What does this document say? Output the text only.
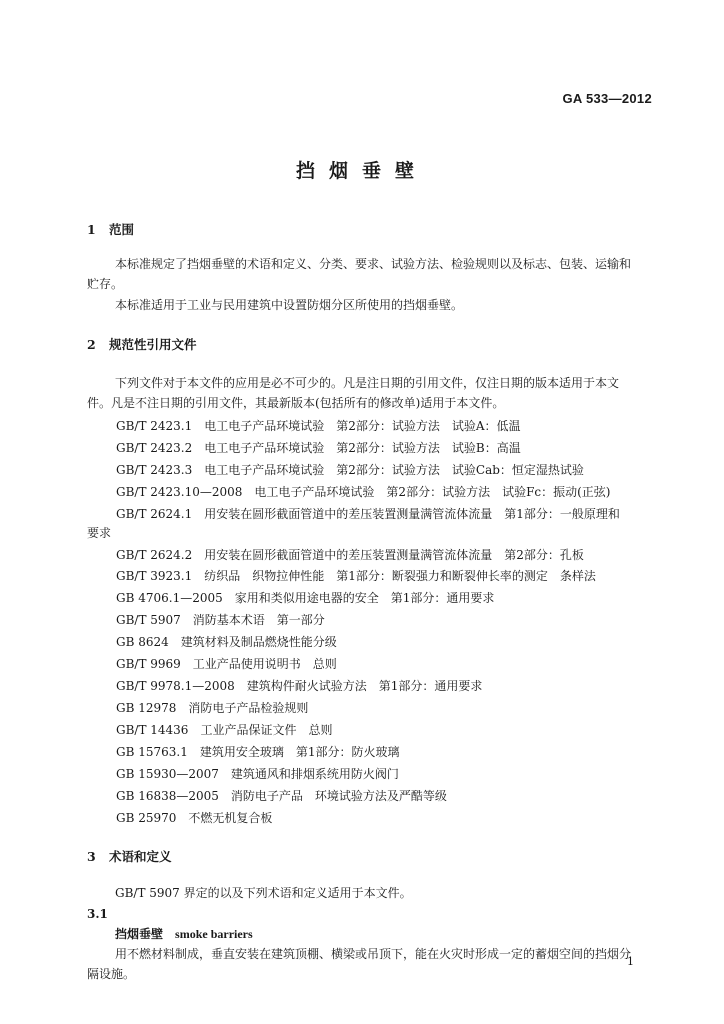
GA 533—2012
挡烟垂壁
1 范围
本标准规定了挡烟垂壁的术语和定义、分类、要求、试验方法、检验规则以及标志、包装、运输和
贮存。
本标准适用于工业与民用建筑中设置防烟分区所使用的挡烟垂壁。
2 规范性引用文件
下列文件对于本文件的应用是必不可少的。凡是注日期的引用文件，仅注日期的版本适用于本文
件。凡是不注日期的引用文件，其最新版本(包括所有的修改单)适用于本文件。
GB/T 2423.1　电工电子产品环境试验　第2部分：试验方法　试验A：低温
GB/T 2423.2　电工电子产品环境试验　第2部分：试验方法　试验B：高温
GB/T 2423.3　电工电子产品环境试验　第2部分：试验方法　试验Cab：恒定湿热试验
GB/T 2423.10—2008　电工电子产品环境试验　第2部分：试验方法　试验Fc：振动(正弦)
GB/T 2624.1　用安装在圆形截面管道中的差压装置测量满管流体流量　第1部分：一般原理和
要求
GB/T 2624.2　用安装在圆形截面管道中的差压装置测量满管流体流量　第2部分：孔板
GB/T 3923.1　纺织品　织物拉伸性能　第1部分：断裂强力和断裂伸长率的测定　条样法
GB 4706.1—2005　家用和类似用途电器的安全　第1部分：通用要求
GB/T 5907　消防基本术语　第一部分
GB 8624　建筑材料及制品燃烧性能分级
GB/T 9969　工业产品使用说明书　总则
GB/T 9978.1—2008　建筑构件耐火试验方法　第1部分：通用要求
GB 12978　消防电子产品检验规则
GB/T 14436　工业产品保证文件　总则
GB 15763.1　建筑用安全玻璃　第1部分：防火玻璃
GB 15930—2007　建筑通风和排烟系统用防火阀门
GB 16838—2005　消防电子产品　环境试验方法及严酷等级
GB 25970　不燃无机复合板
3 术语和定义
GB/T 5907 界定的以及下列术语和定义适用于本文件。
3.1
挡烟垂壁　 smoke barriers
用不燃材料制成，垂直安装在建筑顶棚、横梁或吊顶下，能在火灾时形成一定的蓄烟空间的挡烟分
隔设施。
1
